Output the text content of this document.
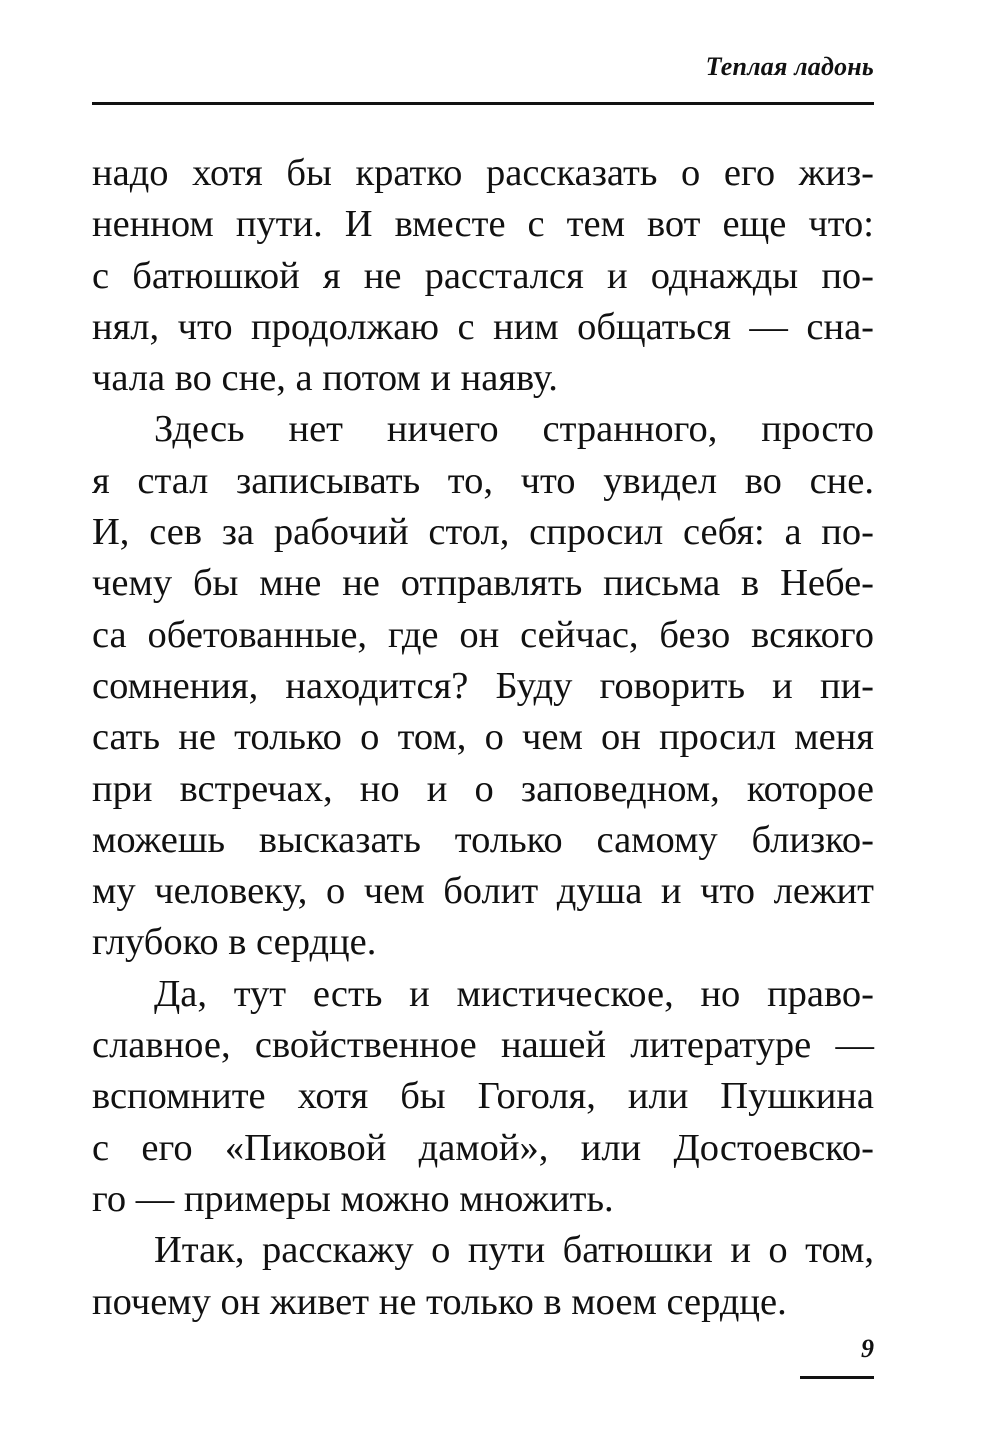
Теплая ладонь
надо хотя бы кратко рассказать о его жиз-
ненном пути. И вместе с тем вот еще что:
с батюшкой я не расстался и однажды по-
нял, что продолжаю с ним общаться — сна-
чала во сне, а потом и наяву.
Здесь нет ничего странного, просто
я стал записывать то, что увидел во сне.
И, сев за рабочий стол, спросил себя: а по-
чему бы мне не отправлять письма в Небе-
са обетованные, где он сейчас, безо всякого
сомнения, находится? Буду говорить и пи-
сать не только о том, о чем он просил меня
при встречах, но и о заповедном, которое
можешь высказать только самому близко-
му человеку, о чем болит душа и что лежит
глубоко в сердце.
Да, тут есть и мистическое, но право-
славное, свойственное нашей литературе —
вспомните хотя бы Гоголя, или Пушкина
с его «Пиковой дамой», или Достоевско-
го — примеры можно множить.
Итак, расскажу о пути батюшки и о том,
почему он живет не только в моем сердце.
9
